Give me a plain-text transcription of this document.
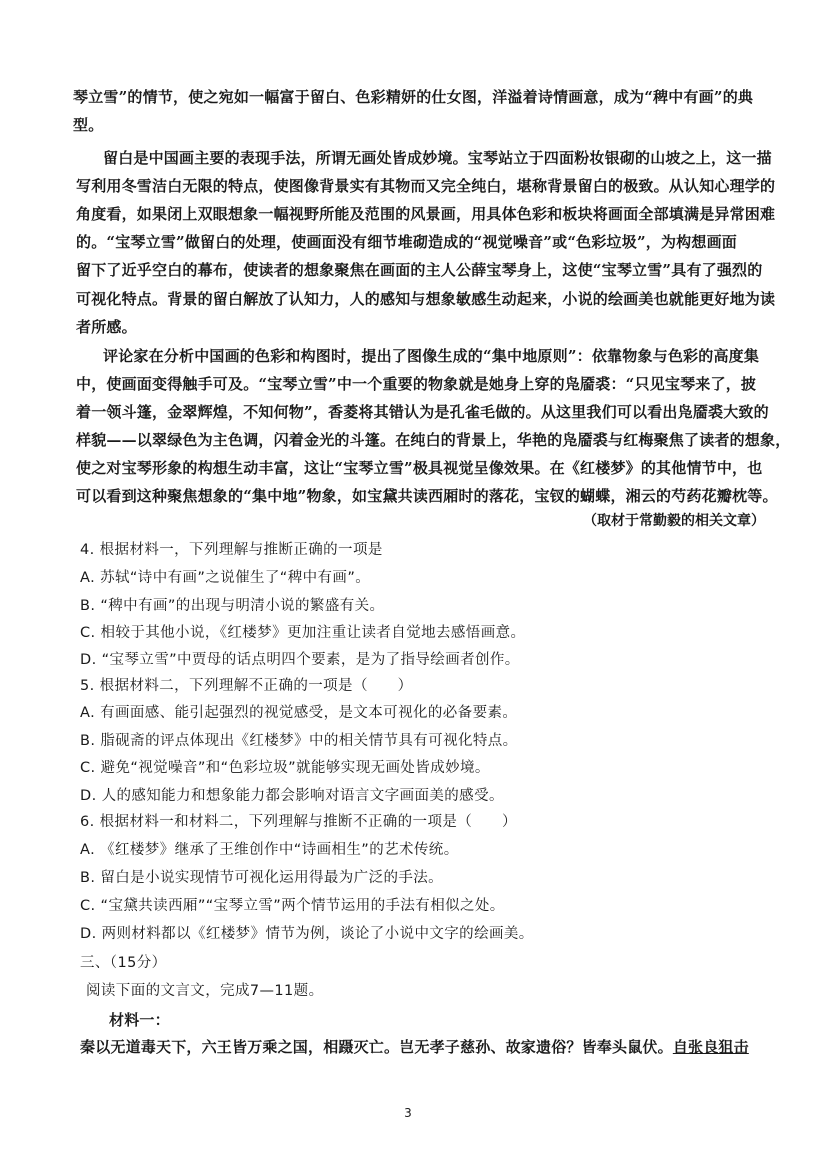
琴立雪”的情节，使之宛如一幅富于留白、色彩精妍的仕女图，洋溢着诗情画意，成为“稗中有画”的典
型。
留白是中国画主要的表现手法，所谓无画处皆成妙境。宝琴站立于四面粉妆银砌的山坡之上，这一描
写利用冬雪洁白无限的特点，使图像背景实有其物而又完全纯白，堪称背景留白的极致。从认知心理学的
角度看，如果闭上双眼想象一幅视野所能及范围的风景画，用具体色彩和板块将画面全部填满是异常困难
的。“宝琴立雪”做留白的处理，使画面没有细节堆砌造成的“视觉噪音”或“色彩垃圾”，为构想画面
留下了近乎空白的幕布，使读者的想象聚焦在画面的主人公薛宝琴身上，这使“宝琴立雪”具有了强烈的
可视化特点。背景的留白解放了认知力，人的感知与想象敏感生动起来，小说的绘画美也就能更好地为读
者所感。
评论家在分析中国画的色彩和构图时，提出了图像生成的“集中地原则”：依靠物象与色彩的高度集
中，使画面变得触手可及。“宝琴立雪”中一个重要的物象就是她身上穿的凫靥裘：“只见宝琴来了，披
着一领斗篷，金翠辉煌，不知何物”，香菱将其错认为是孔雀毛做的。从这里我们可以看出凫靥裘大致的
样貌——以翠绿色为主色调，闪着金光的斗篷。在纯白的背景上，华艳的凫靥裘与红梅聚焦了读者的想象，
使之对宝琴形象的构想生动丰富，这让“宝琴立雪”极具视觉呈像效果。在《红楼梦》的其他情节中，也
可以看到这种聚焦想象的“集中地”物象，如宝黛共读西厢时的落花，宝钗的蝴蝶，湘云的芍药花瓣枕等。
（取材于常勤毅的相关文章）
4. 根据材料一，下列理解与推断正确的一项是
A. 苏轼“诗中有画”之说催生了“稗中有画”。
B. “稗中有画”的出现与明清小说的繁盛有关。
C. 相较于其他小说，《红楼梦》更加注重让读者自觉地去感悟画意。
D. “宝琴立雪”中贾母的话点明四个要素，是为了指导绘画者创作。
5. 根据材料二，下列理解不正确的一项是（　　）
A. 有画面感、能引起强烈的视觉感受，是文本可视化的必备要素。
B. 脂砚斋的评点体现出《红楼梦》中的相关情节具有可视化特点。
C. 避免“视觉噪音”和“色彩垃圾”就能够实现无画处皆成妙境。
D. 人的感知能力和想象能力都会影响对语言文字画面美的感受。
6. 根据材料一和材料二，下列理解与推断不正确的一项是（　　）
A. 《红楼梦》继承了王维创作中“诗画相生”的艺术传统。
B. 留白是小说实现情节可视化运用得最为广泛的手法。
C. “宝黛共读西厢”“宝琴立雪”两个情节运用的手法有相似之处。
D. 两则材料都以《红楼梦》情节为例，谈论了小说中文字的绘画美。
三、（15分）
阅读下面的文言文，完成7—11题。
材料一：
秦以无道毒天下，六王皆万乘之国，相蹑灭亡。岂无孝子慈孙、故家遗俗？皆奉头鼠伏。自张良狙击
3
